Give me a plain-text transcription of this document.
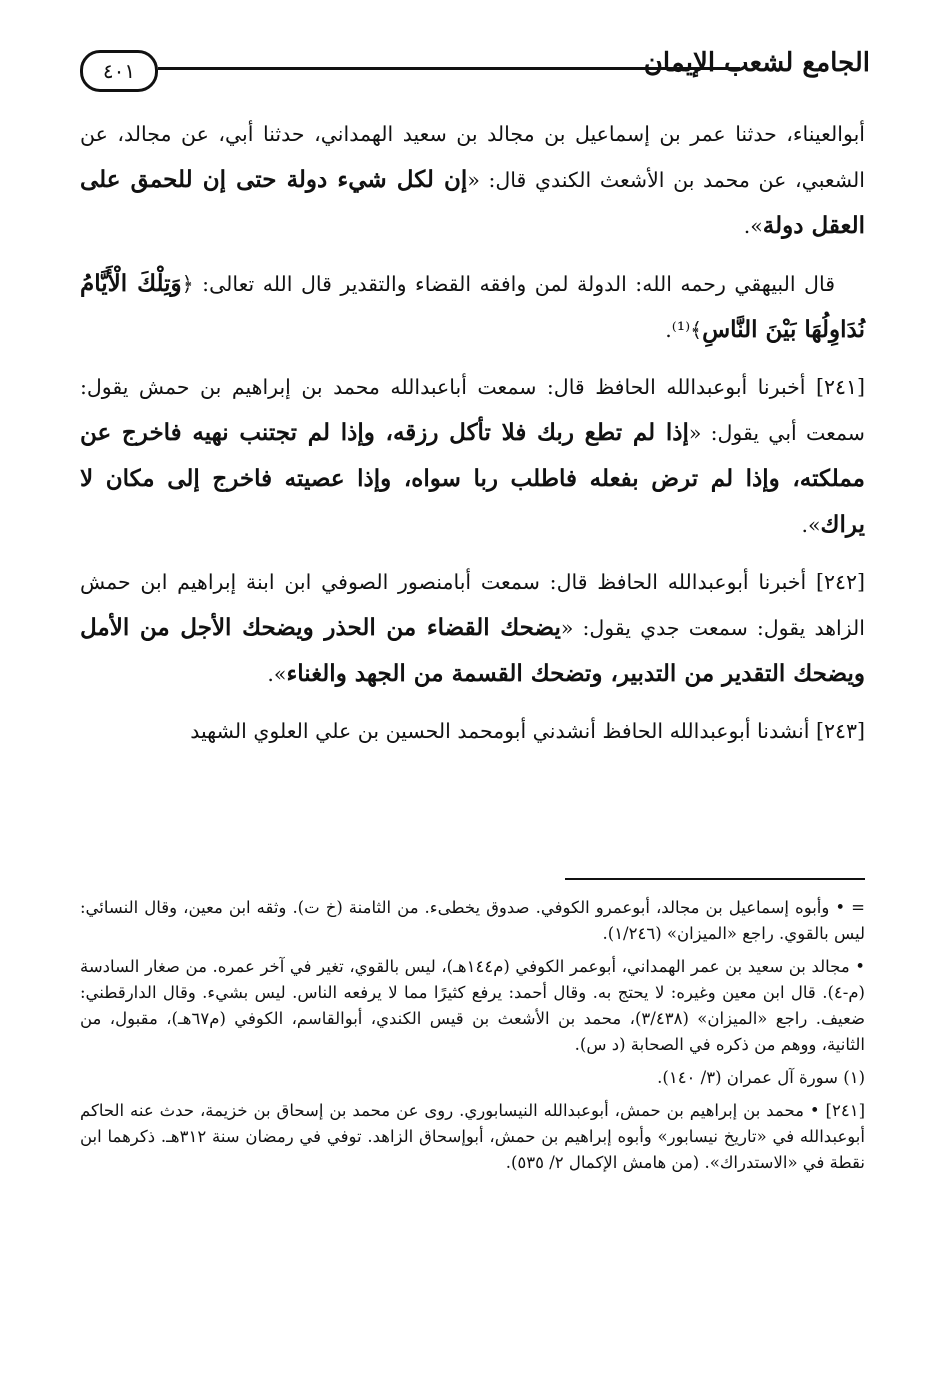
٤٠١	الجامع لشعب الإيمان

أبوالعيناء، حدثنا عمر بن إسماعيل بن مجالد بن سعيد الهمداني، حدثنا أبي، عن مجالد، عن الشعبي، عن محمد بن الأشعث الكندي قال: «إن لكل شيء دولة حتى إن للحمق على العقل دولة».

قال البيهقي رحمه الله: الدولة لمن وافقه القضاء والتقدير قال الله تعالى: ﴿وَتِلْكَ الْأَيَّامُ نُدَاوِلُهَا بَيْنَ النَّاسِ﴾⁽¹⁾.

[٢٤١] أخبرنا أبوعبدالله الحافظ قال: سمعت أباعبدالله محمد بن إبراهيم بن حمش يقول: سمعت أبي يقول: «إذا لم تطع ربك فلا تأكل رزقه، وإذا لم تجتنب نهيه فاخرج عن مملكته، وإذا لم ترض بفعله فاطلب ربا سواه، وإذا عصيته فاخرج إلى مكان لا يراك».

[٢٤٢] أخبرنا أبوعبدالله الحافظ قال: سمعت أبامنصور الصوفي ابن ابنة إبراهيم ابن حمش الزاهد يقول: سمعت جدي يقول: «يضحك القضاء من الحذر ويضحك الأجل من الأمل ويضحك التقدير من التدبير، وتضحك القسمة من الجهد والغناء».

[٢٤٣] أنشدنا أبوعبدالله الحافظ أنشدني أبومحمد الحسين بن علي العلوي الشهيد

= • وأبوه إسماعيل بن مجالد، أبوعمرو الكوفي. صدوق يخطىء. من الثامنة (خ ت). وثقه ابن معين، وقال النسائي: ليس بالقوي. راجع «الميزان» (١/٢٤٦).

• مجالد بن سعيد بن عمر الهمداني، أبوعمر الكوفي (م١٤٤هـ)، ليس بالقوي، تغير في آخر عمره. من صغار السادسة (م-٤). قال ابن معين وغيره: لا يحتج به. وقال أحمد: يرفع كثيرًا مما لا يرفعه الناس. ليس بشيء. وقال الدارقطني: ضعيف. راجع «الميزان» (٣/٤٣٨)، محمد بن الأشعث بن قيس الكندي، أبوالقاسم، الكوفي (م٦٧هـ)، مقبول، من الثانية، ووهم من ذكره في الصحابة (د س).

(١) سورة آل عمران (٣/ ١٤٠).

[٢٤١] • محمد بن إبراهيم بن حمش، أبوعبدالله النيسابوري. روى عن محمد بن إسحاق بن خزيمة، حدث عنه الحاكم أبوعبدالله في «تاريخ نيسابور» وأبوه إبراهيم بن حمش، أبوإسحاق الزاهد. توفي في رمضان سنة ٣١٢هـ. ذكرهما ابن نقطة في «الاستدراك». (من هامش الإكمال ٢/ ٥٣٥).
